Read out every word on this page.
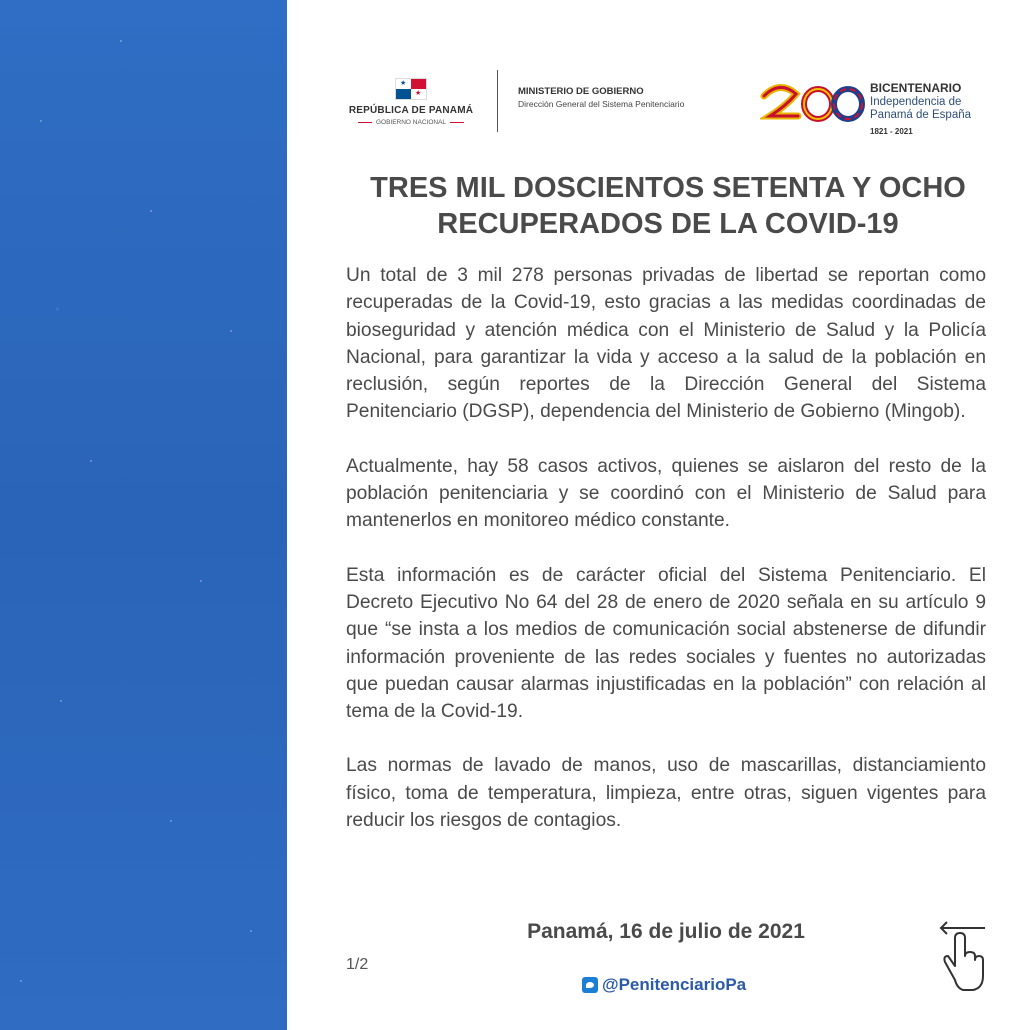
★
★
REPÚBLICA DE PANAMÁ
GOBIERNO NACIONAL
MINISTERIO DE GOBIERNO
Dirección General del Sistema Penitenciario
BICENTENARIO
Independencia de
Panamá de España
1821 - 2021
TRES MIL DOSCIENTOS SETENTA Y OCHO
RECUPERADOS DE LA COVID-19

Un total de 3 mil 278 personas privadas de libertad se reportan como recuperadas de la Covid-19, esto gracias a las medidas coordinadas de bioseguridad y atención médica con el Ministerio de Salud y la Policía Nacional, para garantizar la vida y acceso a la salud de la población en reclusión, según reportes de la Dirección General del Sistema Penitenciario (DGSP), dependencia del Ministerio de Gobierno (Mingob).

Actualmente, hay 58 casos activos, quienes se aislaron del resto de la población penitenciaria y se coordinó con el Ministerio de Salud para mantenerlos en monitoreo médico constante.

Esta información es de carácter oficial del Sistema Penitenciario. El Decreto Ejecutivo No 64 del 28 de enero de 2020 señala en su artículo 9 que “se insta a los medios de comunicación social abstenerse de difundir información proveniente de las redes sociales y fuentes no autorizadas que puedan causar alarmas injustificadas en la población” con relación al tema de la Covid-19.

Las normas de lavado de manos, uso de mascarillas, distanciamiento físico, toma de temperatura, limpieza, entre otras, siguen vigentes para reducir los riesgos de contagios.

Panamá, 16 de julio de 2021
1/2
@PenitenciarioPa
